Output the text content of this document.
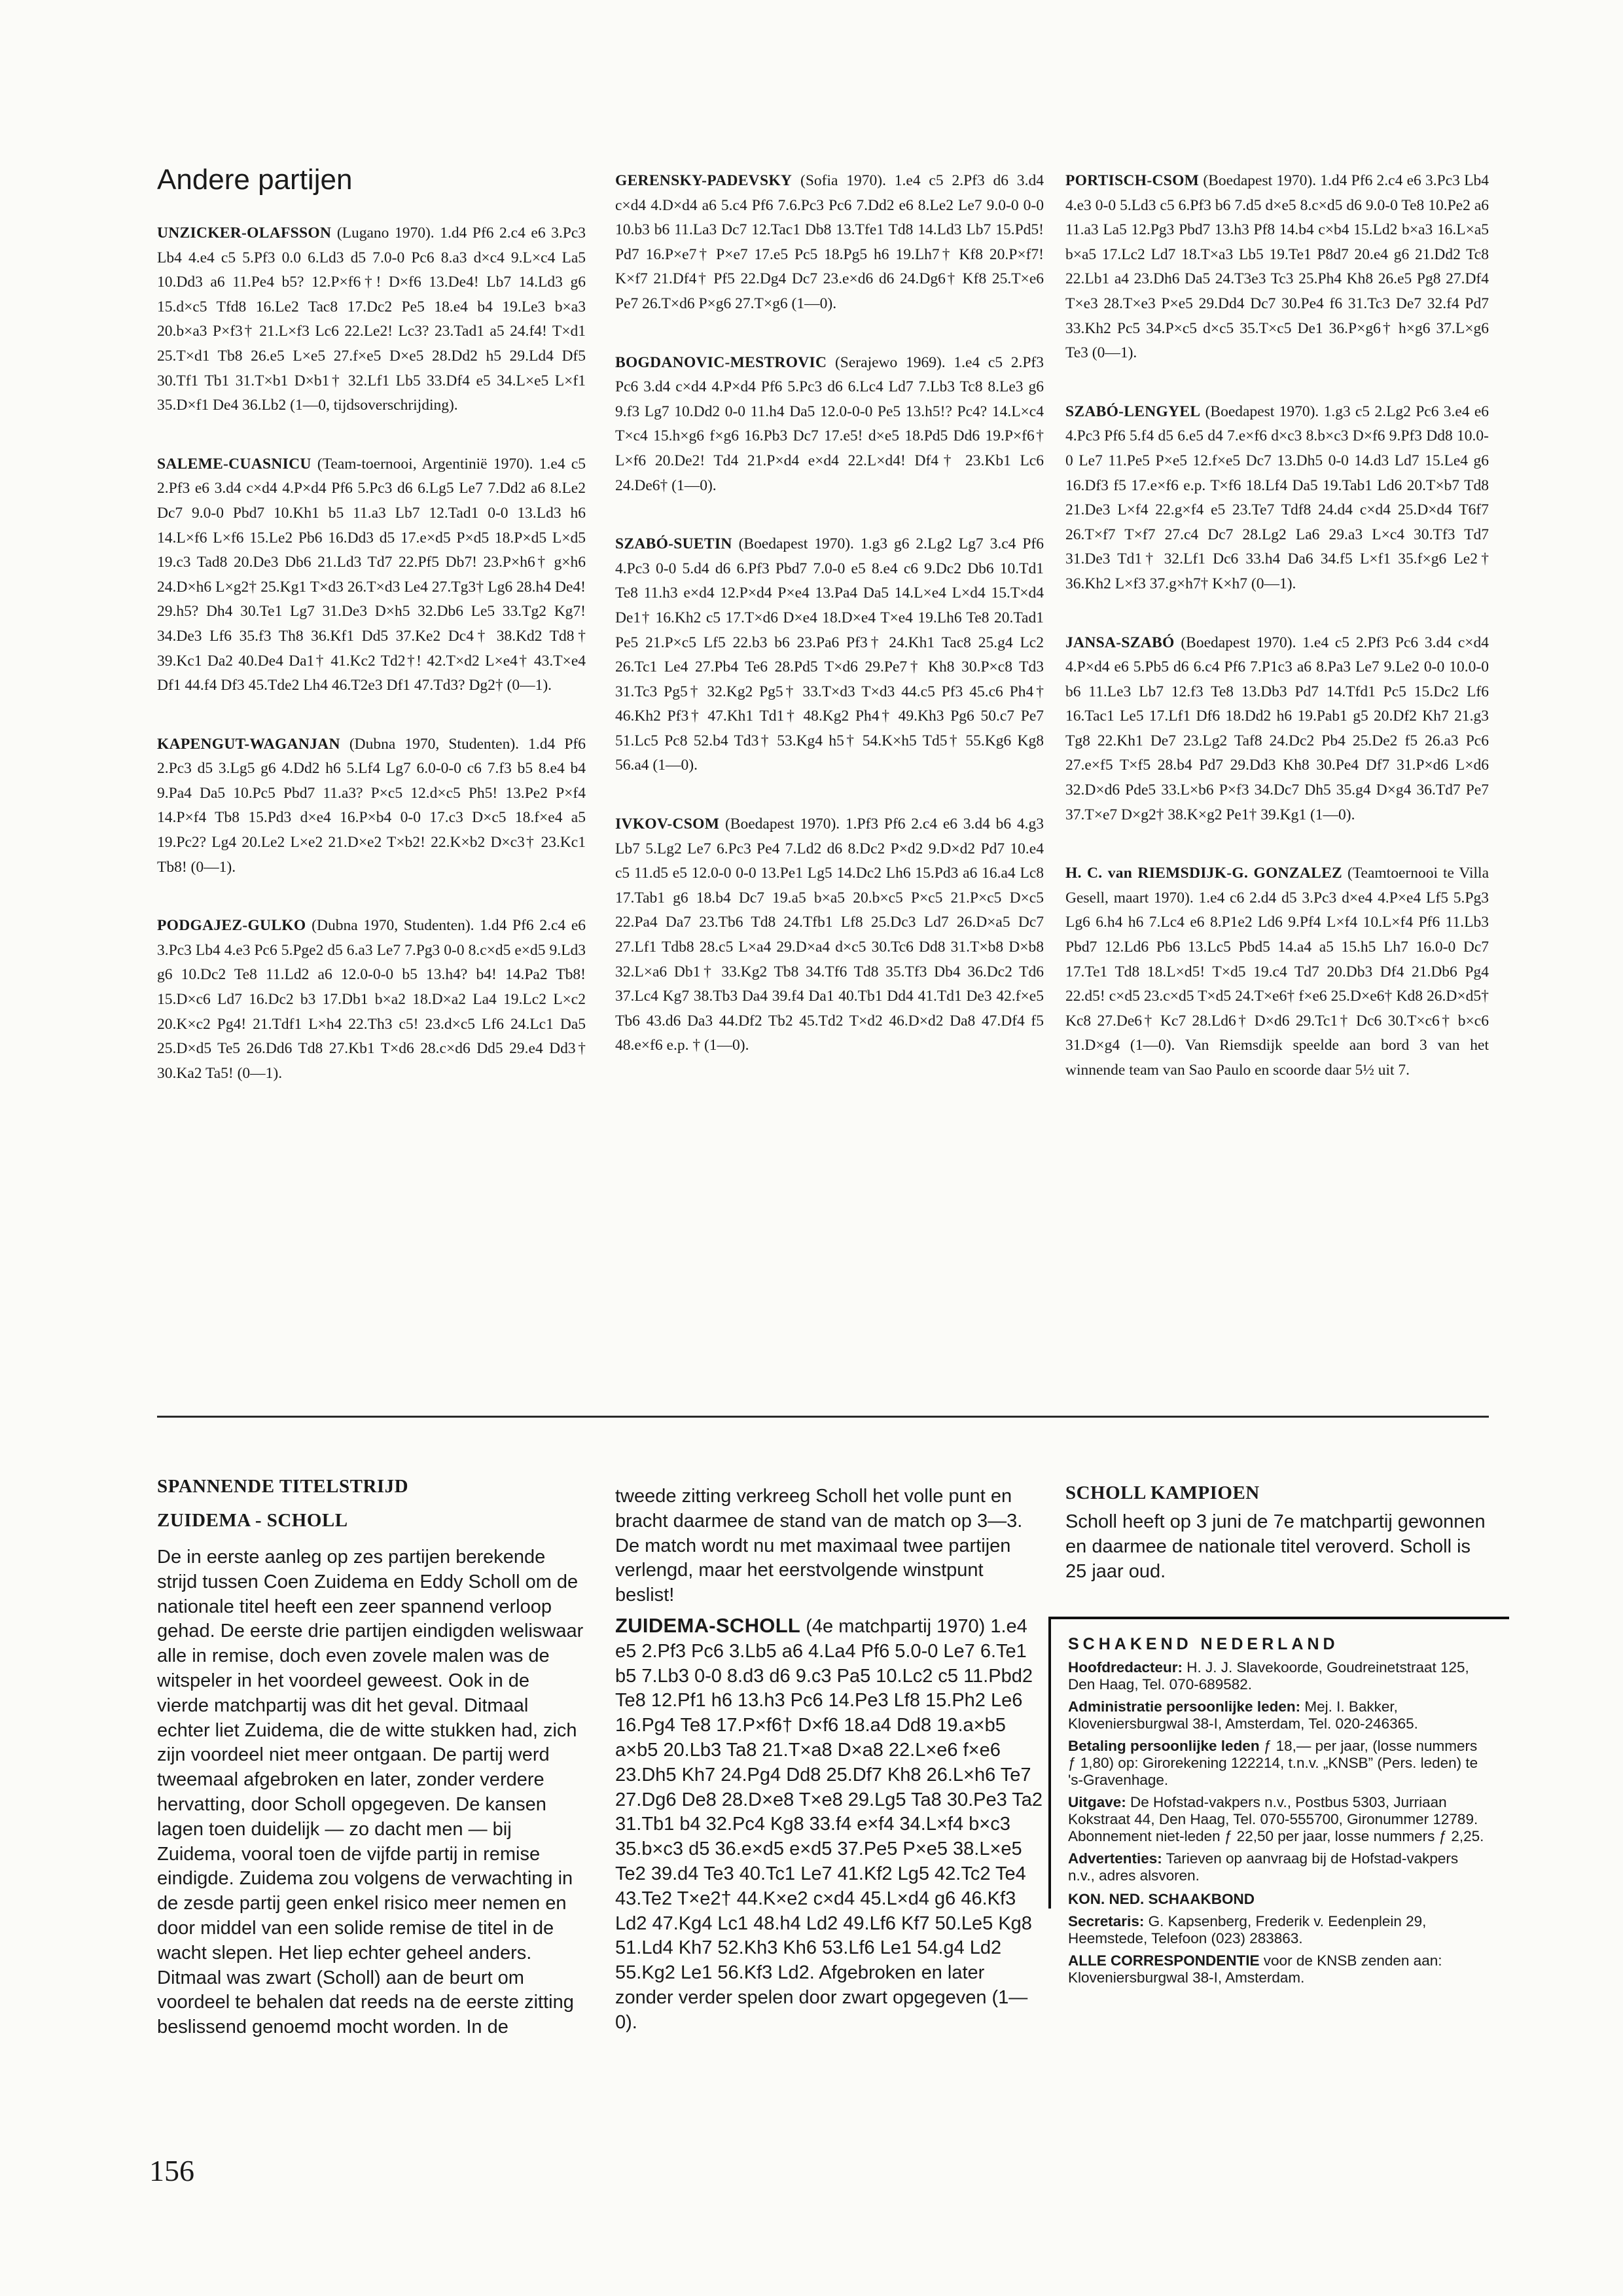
Andere partijen

UNZICKER-OLAFSSON (Lugano 1970). 1.d4 Pf6 2.c4 e6 3.Pc3 Lb4 4.e4 c5 5.Pf3 0.0 6.Ld3 d5 7.0-0 Pc6 8.a3 d×c4 9.L×c4 La5 10.Dd3 a6 11.Pe4 b5? 12.P×f6†! D×f6 13.De4! Lb7 14.Ld3 g6 15.d×c5 Tfd8 16.Le2 Tac8 17.Dc2 Pe5 18.e4 b4 19.Le3 b×a3 20.b×a3 P×f3† 21.L×f3 Lc6 22.Le2! Lc3? 23.Tad1 a5 24.f4! T×d1 25.T×d1 Tb8 26.e5 L×e5 27.f×e5 D×e5 28.Dd2 h5 29.Ld4 Df5 30.Tf1 Tb1 31.T×b1 D×b1† 32.Lf1 Lb5 33.Df4 e5 34.L×e5 L×f1 35.D×f1 De4 36.Lb2 (1—0, tijdsoverschrijding).

SALEME-CUASNICU (Team-toernooi, Argentinië 1970). 1.e4 c5 2.Pf3 e6 3.d4 c×d4 4.P×d4 Pf6 5.Pc3 d6 6.Lg5 Le7 7.Dd2 a6 8.Le2 Dc7 9.0-0 Pbd7 10.Kh1 b5 11.a3 Lb7 12.Tad1 0-0 13.Ld3 h6 14.L×f6 L×f6 15.Le2 Pb6 16.Dd3 d5 17.e×d5 P×d5 18.P×d5 L×d5 19.c3 Tad8 20.De3 Db6 21.Ld3 Td7 22.Pf5 Db7! 23.P×h6† g×h6 24.D×h6 L×g2† 25.Kg1 T×d3 26.T×d3 Le4 27.Tg3† Lg6 28.h4 De4! 29.h5? Dh4 30.Te1 Lg7 31.De3 D×h5 32.Db6 Le5 33.Tg2 Kg7! 34.De3 Lf6 35.f3 Th8 36.Kf1 Dd5 37.Ke2 Dc4† 38.Kd2 Td8† 39.Kc1 Da2 40.De4 Da1† 41.Kc2 Td2†! 42.T×d2 L×e4† 43.T×e4 Df1 44.f4 Df3 45.Tde2 Lh4 46.T2e3 Df1 47.Td3? Dg2† (0—1).

KAPENGUT-WAGANJAN (Dubna 1970, Studenten). 1.d4 Pf6 2.Pc3 d5 3.Lg5 g6 4.Dd2 h6 5.Lf4 Lg7 6.0-0-0 c6 7.f3 b5 8.e4 b4 9.Pa4 Da5 10.Pc5 Pbd7 11.a3? P×c5 12.d×c5 Ph5! 13.Pe2 P×f4 14.P×f4 Tb8 15.Pd3 d×e4 16.P×b4 0-0 17.c3 D×c5 18.f×e4 a5 19.Pc2? Lg4 20.Le2 L×e2 21.D×e2 T×b2! 22.K×b2 D×c3† 23.Kc1 Tb8! (0—1).

PODGAJEZ-GULKO (Dubna 1970, Studenten). 1.d4 Pf6 2.c4 e6 3.Pc3 Lb4 4.e3 Pc6 5.Pge2 d5 6.a3 Le7 7.Pg3 0-0 8.c×d5 e×d5 9.Ld3 g6 10.Dc2 Te8 11.Ld2 a6 12.0-0-0 b5 13.h4? b4! 14.Pa2 Tb8! 15.D×c6 Ld7 16.Dc2 b3 17.Db1 b×a2 18.D×a2 La4 19.Lc2 L×c2 20.K×c2 Pg4! 21.Tdf1 L×h4 22.Th3 c5! 23.d×c5 Lf6 24.Lc1 Da5 25.D×d5 Te5 26.Dd6 Td8 27.Kb1 T×d6 28.c×d6 Dd5 29.e4 Dd3† 30.Ka2 Ta5! (0—1).

GERENSKY-PADEVSKY (Sofia 1970). 1.e4 c5 2.Pf3 d6 3.d4 c×d4 4.D×d4 a6 5.c4 Pf6 7.6.Pc3 Pc6 7.Dd2 e6 8.Le2 Le7 9.0-0 0-0 10.b3 b6 11.La3 Dc7 12.Tac1 Db8 13.Tfe1 Td8 14.Ld3 Lb7 15.Pd5! Pd7 16.P×e7† P×e7 17.e5 Pc5 18.Pg5 h6 19.Lh7† Kf8 20.P×f7! K×f7 21.Df4† Pf5 22.Dg4 Dc7 23.e×d6 d6 24.Dg6† Kf8 25.T×e6 Pe7 26.T×d6 P×g6 27.T×g6 (1—0).

BOGDANOVIC-MESTROVIC (Serajewo 1969). 1.e4 c5 2.Pf3 Pc6 3.d4 c×d4 4.P×d4 Pf6 5.Pc3 d6 6.Lc4 Ld7 7.Lb3 Tc8 8.Le3 g6 9.f3 Lg7 10.Dd2 0-0 11.h4 Da5 12.0-0-0 Pe5 13.h5!? Pc4? 14.L×c4 T×c4 15.h×g6 f×g6 16.Pb3 Dc7 17.e5! d×e5 18.Pd5 Dd6 19.P×f6† L×f6 20.De2! Td4 21.P×d4 e×d4 22.L×d4! Df4† 23.Kb1 Lc6 24.De6† (1—0).

SZABÓ-SUETIN (Boedapest 1970). 1.g3 g6 2.Lg2 Lg7 3.c4 Pf6 4.Pc3 0-0 5.d4 d6 6.Pf3 Pbd7 7.0-0 e5 8.e4 c6 9.Dc2 Db6 10.Td1 Te8 11.h3 e×d4 12.P×d4 P×e4 13.Pa4 Da5 14.L×e4 L×d4 15.T×d4 De1† 16.Kh2 c5 17.T×d6 D×e4 18.D×e4 T×e4 19.Lh6 Te8 20.Tad1 Pe5 21.P×c5 Lf5 22.b3 b6 23.Pa6 Pf3† 24.Kh1 Tac8 25.g4 Lc2 26.Tc1 Le4 27.Pb4 Te6 28.Pd5 T×d6 29.Pe7† Kh8 30.P×c8 Td3 31.Tc3 Pg5† 32.Kg2 Pg5† 33.T×d3 T×d3 44.c5 Pf3 45.c6 Ph4† 46.Kh2 Pf3† 47.Kh1 Td1† 48.Kg2 Ph4† 49.Kh3 Pg6 50.c7 Pe7 51.Lc5 Pc8 52.b4 Td3† 53.Kg4 h5† 54.K×h5 Td5† 55.Kg6 Kg8 56.a4 (1—0).

IVKOV-CSOM (Boedapest 1970). 1.Pf3 Pf6 2.c4 e6 3.d4 b6 4.g3 Lb7 5.Lg2 Le7 6.Pc3 Pe4 7.Ld2 d6 8.Dc2 P×d2 9.D×d2 Pd7 10.e4 c5 11.d5 e5 12.0-0 0-0 13.Pe1 Lg5 14.Dc2 Lh6 15.Pd3 a6 16.a4 Lc8 17.Tab1 g6 18.b4 Dc7 19.a5 b×a5 20.b×c5 P×c5 21.P×c5 D×c5 22.Pa4 Da7 23.Tb6 Td8 24.Tfb1 Lf8 25.Dc3 Ld7 26.D×a5 Dc7 27.Lf1 Tdb8 28.c5 L×a4 29.D×a4 d×c5 30.Tc6 Dd8 31.T×b8 D×b8 32.L×a6 Db1† 33.Kg2 Tb8 34.Tf6 Td8 35.Tf3 Db4 36.Dc2 Td6 37.Lc4 Kg7 38.Tb3 Da4 39.f4 Da1 40.Tb1 Dd4 41.Td1 De3 42.f×e5 Tb6 43.d6 Da3 44.Df2 Tb2 45.Td2 T×d2 46.D×d2 Da8 47.Df4 f5 48.e×f6 e.p. † (1—0).

PORTISCH-CSOM (Boedapest 1970). 1.d4 Pf6 2.c4 e6 3.Pc3 Lb4 4.e3 0-0 5.Ld3 c5 6.Pf3 b6 7.d5 d×e5 8.c×d5 d6 9.0-0 Te8 10.Pe2 a6 11.a3 La5 12.Pg3 Pbd7 13.h3 Pf8 14.b4 c×b4 15.Ld2 b×a3 16.L×a5 b×a5 17.Lc2 Ld7 18.T×a3 Lb5 19.Te1 P8d7 20.e4 g6 21.Dd2 Tc8 22.Lb1 a4 23.Dh6 Da5 24.T3e3 Tc3 25.Ph4 Kh8 26.e5 Pg8 27.Df4 T×e3 28.T×e3 P×e5 29.Dd4 Dc7 30.Pe4 f6 31.Tc3 De7 32.f4 Pd7 33.Kh2 Pc5 34.P×c5 d×c5 35.T×c5 De1 36.P×g6† h×g6 37.L×g6 Te3 (0—1).

SZABÓ-LENGYEL (Boedapest 1970). 1.g3 c5 2.Lg2 Pc6 3.e4 e6 4.Pc3 Pf6 5.f4 d5 6.e5 d4 7.e×f6 d×c3 8.b×c3 D×f6 9.Pf3 Dd8 10.0-0 Le7 11.Pe5 P×e5 12.f×e5 Dc7 13.Dh5 0-0 14.d3 Ld7 15.Le4 g6 16.Df3 f5 17.e×f6 e.p. T×f6 18.Lf4 Da5 19.Tab1 Ld6 20.T×b7 Td8 21.De3 L×f4 22.g×f4 e5 23.Te7 Tdf8 24.d4 c×d4 25.D×d4 T6f7 26.T×f7 T×f7 27.c4 Dc7 28.Lg2 La6 29.a3 L×c4 30.Tf3 Td7 31.De3 Td1† 32.Lf1 Dc6 33.h4 Da6 34.f5 L×f1 35.f×g6 Le2† 36.Kh2 L×f3 37.g×h7† K×h7 (0—1).

JANSA-SZABÓ (Boedapest 1970). 1.e4 c5 2.Pf3 Pc6 3.d4 c×d4 4.P×d4 e6 5.Pb5 d6 6.c4 Pf6 7.P1c3 a6 8.Pa3 Le7 9.Le2 0-0 10.0-0 b6 11.Le3 Lb7 12.f3 Te8 13.Db3 Pd7 14.Tfd1 Pc5 15.Dc2 Lf6 16.Tac1 Le5 17.Lf1 Df6 18.Dd2 h6 19.Pab1 g5 20.Df2 Kh7 21.g3 Tg8 22.Kh1 De7 23.Lg2 Taf8 24.Dc2 Pb4 25.De2 f5 26.a3 Pc6 27.e×f5 T×f5 28.b4 Pd7 29.Dd3 Kh8 30.Pe4 Df7 31.P×d6 L×d6 32.D×d6 Pde5 33.L×b6 P×f3 34.Dc7 Dh5 35.g4 D×g4 36.Td7 Pe7 37.T×e7 D×g2† 38.K×g2 Pe1† 39.Kg1 (1—0).

H. C. van RIEMSDIJK-G. GONZALEZ (Teamtoernooi te Villa Gesell, maart 1970). 1.e4 c6 2.d4 d5 3.Pc3 d×e4 4.P×e4 Lf5 5.Pg3 Lg6 6.h4 h6 7.Lc4 e6 8.P1e2 Ld6 9.Pf4 L×f4 10.L×f4 Pf6 11.Lb3 Pbd7 12.Ld6 Pb6 13.Lc5 Pbd5 14.a4 a5 15.h5 Lh7 16.0-0 Dc7 17.Te1 Td8 18.L×d5! T×d5 19.c4 Td7 20.Db3 Df4 21.Db6 Pg4 22.d5! c×d5 23.c×d5 T×d5 24.T×e6† f×e6 25.D×e6† Kd8 26.D×d5† Kc8 27.De6† Kc7 28.Ld6† D×d6 29.Tc1† Dc6 30.T×c6† b×c6 31.D×g4 (1—0). Van Riemsdijk speelde aan bord 3 van het winnende team van Sao Paulo en scoorde daar 5½ uit 7.

SPANNENDE TITELSTRIJD

ZUIDEMA - SCHOLL

De in eerste aanleg op zes partijen berekende strijd tussen Coen Zuidema en Eddy Scholl om de nationale titel heeft een zeer spannend verloop gehad. De eerste drie partijen eindigden weliswaar alle in remise, doch even zovele malen was de witspeler in het voordeel geweest. Ook in de vierde matchpartij was dit het geval. Ditmaal echter liet Zuidema, die de witte stukken had, zich zijn voordeel niet meer ontgaan. De partij werd tweemaal afgebroken en later, zonder verdere hervatting, door Scholl opgegeven. De kansen lagen toen duidelijk — zo dacht men — bij Zuidema, vooral toen de vijfde partij in remise eindigde. Zuidema zou volgens de verwachting in de zesde partij geen enkel risico meer nemen en door middel van een solide remise de titel in de wacht slepen. Het liep echter geheel anders. Ditmaal was zwart (Scholl) aan de beurt om voordeel te behalen dat reeds na de eerste zitting beslissend genoemd mocht worden. In de

tweede zitting verkreeg Scholl het volle punt en bracht daarmee de stand van de match op 3—3. De match wordt nu met maximaal twee partijen verlengd, maar het eerstvolgende winstpunt beslist!

ZUIDEMA-SCHOLL (4e matchpartij 1970) 1.e4 e5 2.Pf3 Pc6 3.Lb5 a6 4.La4 Pf6 5.0-0 Le7 6.Te1 b5 7.Lb3 0-0 8.d3 d6 9.c3 Pa5 10.Lc2 c5 11.Pbd2 Te8 12.Pf1 h6 13.h3 Pc6 14.Pe3 Lf8 15.Ph2 Le6 16.Pg4 Te8 17.P×f6† D×f6 18.a4 Dd8 19.a×b5 a×b5 20.Lb3 Ta8 21.T×a8 D×a8 22.L×e6 f×e6 23.Dh5 Kh7 24.Pg4 Dd8 25.Df7 Kh8 26.L×h6 Te7 27.Dg6 De8 28.D×e8 T×e8 29.Lg5 Ta8 30.Pe3 Ta2 31.Tb1 b4 32.Pc4 Kg8 33.f4 e×f4 34.L×f4 b×c3 35.b×c3 d5 36.e×d5 e×d5 37.Pe5 P×e5 38.L×e5 Te2 39.d4 Te3 40.Tc1 Le7 41.Kf2 Lg5 42.Tc2 Te4 43.Te2 T×e2† 44.K×e2 c×d4 45.L×d4 g6 46.Kf3 Ld2 47.Kg4 Lc1 48.h4 Ld2 49.Lf6 Kf7 50.Le5 Kg8 51.Ld4 Kh7 52.Kh3 Kh6 53.Lf6 Le1 54.g4 Ld2 55.Kg2 Le1 56.Kf3 Ld2. Afgebroken en later zonder verder spelen door zwart opgegeven (1—0).

SCHOLL KAMPIOEN

Scholl heeft op 3 juni de 7e matchpartij gewonnen en daarmee de nationale titel veroverd. Scholl is 25 jaar oud.

SCHAKEND NEDERLAND

Hoofdredacteur: H. J. J. Slavekoorde, Goudreinetstraat 125, Den Haag, Tel. 070-689582.

Administratie persoonlijke leden: Mej. I. Bakker, Kloveniersburgwal 38-I, Amsterdam, Tel. 020-246365.

Betaling persoonlijke leden ƒ 18,— per jaar, (losse nummers ƒ 1,80) op: Girorekening 122214, t.n.v. „KNSB” (Pers. leden) te 's-Gravenhage.

Uitgave: De Hofstad-vakpers n.v., Postbus 5303, Jurriaan Kokstraat 44, Den Haag, Tel. 070-555700, Gironummer 12789. Abonnement niet-leden ƒ 22,50 per jaar, losse nummers ƒ 2,25.

Advertenties: Tarieven op aanvraag bij de Hofstad-vakpers n.v., adres alsvoren.

KON. NED. SCHAAKBOND

Secretaris: G. Kapsenberg, Frederik v. Eedenplein 29, Heemstede, Telefoon (023) 283863.

ALLE CORRESPONDENTIE voor de KNSB zenden aan: Kloveniersburgwal 38-I, Amsterdam.

156
